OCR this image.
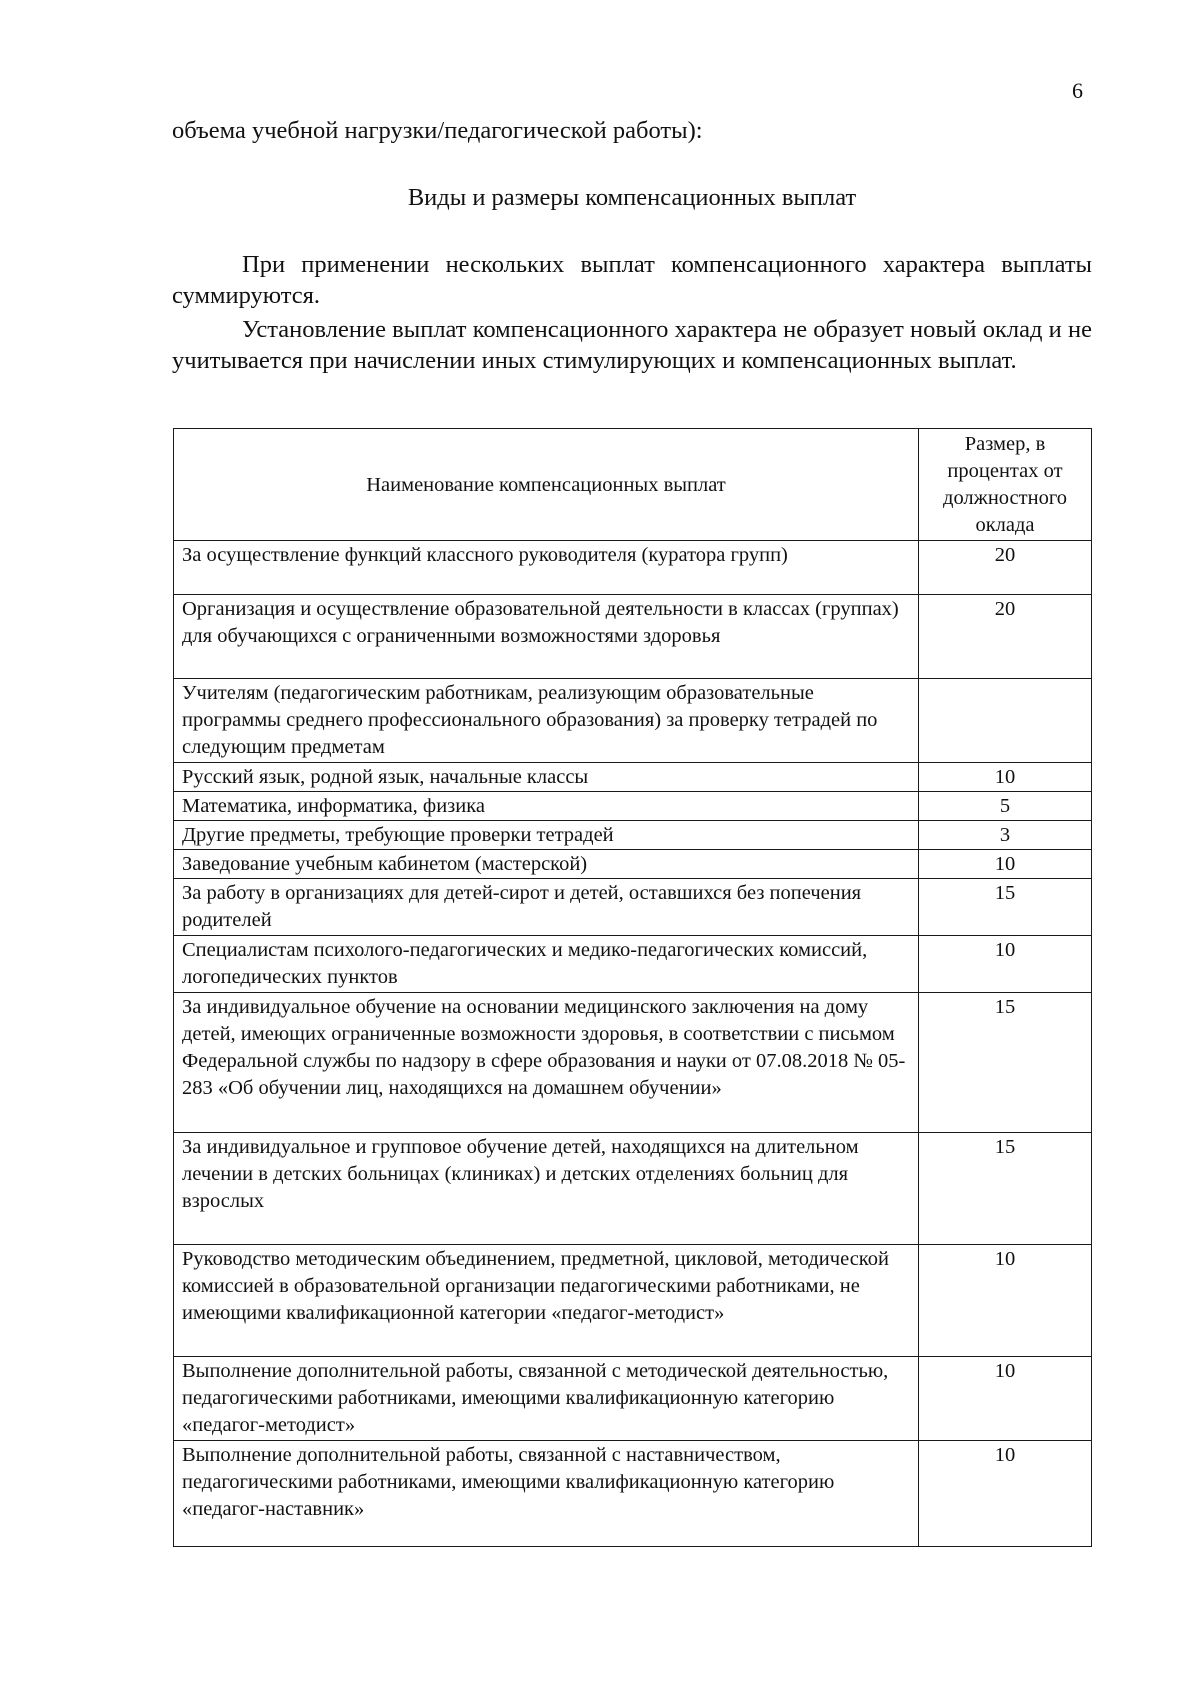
6
объема учебной нагрузки/педагогической работы):
Виды и размеры компенсационных выплат
При применении нескольких выплат компенсационного характера выплаты суммируются.
Установление выплат компенсационного характера не образует новый оклад и не учитывается при начислении иных стимулирующих и компенсационных выплат.
Наименование компенсационных выплат	Размер, в процентах от должностного оклада
За осуществление функций классного руководителя (куратора групп)	20
Организация и осуществление образовательной деятельности в классах (группах) для обучающихся с ограниченными возможностями здоровья	20
Учителям (педагогическим работникам, реализующим образовательные программы среднего профессионального образования) за проверку тетрадей по следующим предметам	
Русский язык, родной язык, начальные классы	10
Математика, информатика, физика	5
Другие предметы, требующие проверки тетрадей	3
Заведование учебным кабинетом (мастерской)	10
За работу в организациях для детей-сирот и детей, оставшихся без попечения родителей	15
Специалистам психолого-педагогических и медико-педагогических комиссий, логопедических пунктов	10
За индивидуальное обучение на основании медицинского заключения на дому детей, имеющих ограниченные возможности здоровья, в соответствии с письмом Федеральной службы по надзору в сфере образования и науки от 07.08.2018 № 05-283 «Об обучении лиц, находящихся на домашнем обучении»	15
За индивидуальное и групповое обучение детей, находящихся на длительном лечении в детских больницах (клиниках) и детских отделениях больниц для взрослых	15
Руководство методическим объединением, предметной, цикловой, методической комиссией в образовательной организации педагогическими работниками, не имеющими квалификационной категории «педагог-методист»	10
Выполнение дополнительной работы, связанной с методической деятельностью, педагогическими работниками, имеющими квалификационную категорию «педагог-методист»	10
Выполнение дополнительной работы, связанной с наставничеством, педагогическими работниками, имеющими квалификационную категорию «педагог-наставник»	10
